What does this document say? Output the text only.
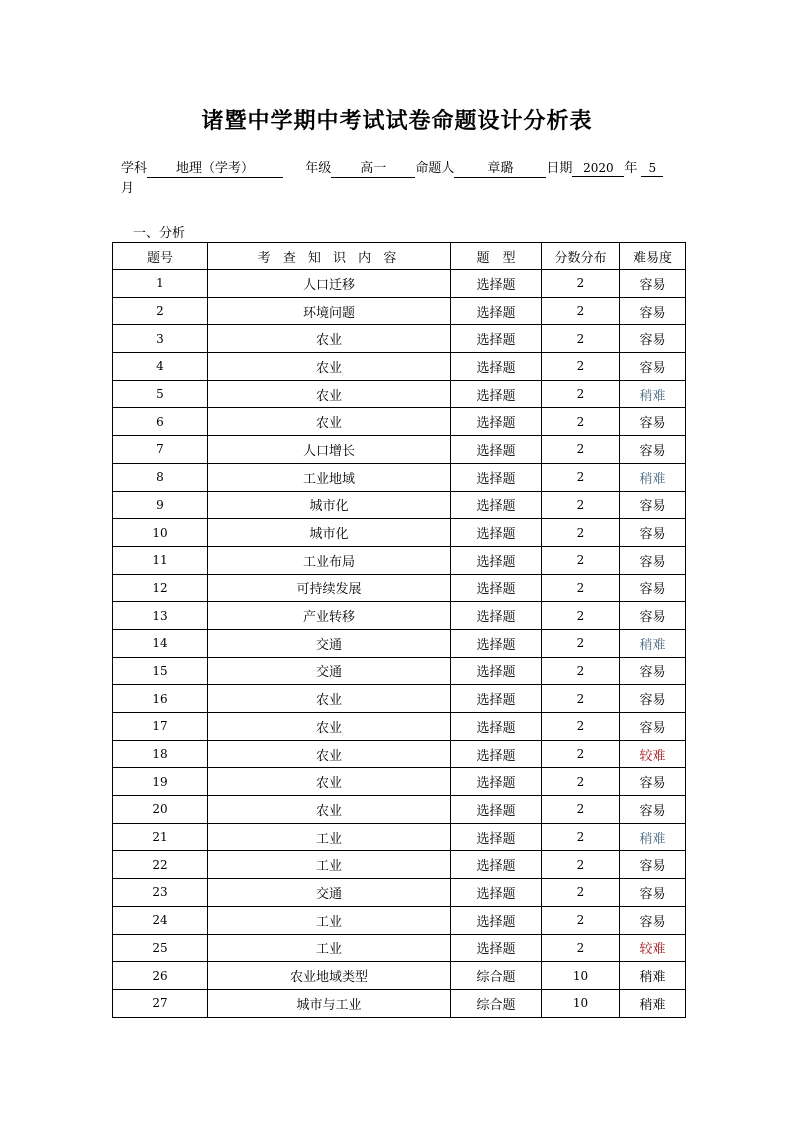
诸暨中学期中考试试卷命题设计分析表
学科 地理（学考）	年级 高一 命题人	章璐	日期 2020 年 5
月
一、分析
题号	考 查 知 识 内 容	题　型	分数分布	难易度
1	人口迁移	选择题	2	容易
2	环境问题	选择题	2	容易
3	农业	选择题	2	容易
4	农业	选择题	2	容易
5	农业	选择题	2	稍难
6	农业	选择题	2	容易
7	人口增长	选择题	2	容易
8	工业地域	选择题	2	稍难
9	城市化	选择题	2	容易
10	城市化	选择题	2	容易
11	工业布局	选择题	2	容易
12	可持续发展	选择题	2	容易
13	产业转移	选择题	2	容易
14	交通	选择题	2	稍难
15	交通	选择题	2	容易
16	农业	选择题	2	容易
17	农业	选择题	2	容易
18	农业	选择题	2	较难
19	农业	选择题	2	容易
20	农业	选择题	2	容易
21	工业	选择题	2	稍难
22	工业	选择题	2	容易
23	交通	选择题	2	容易
24	工业	选择题	2	容易
25	工业	选择题	2	较难
26	农业地域类型	综合题	10	稍难
27	城市与工业	综合题	10	稍难
